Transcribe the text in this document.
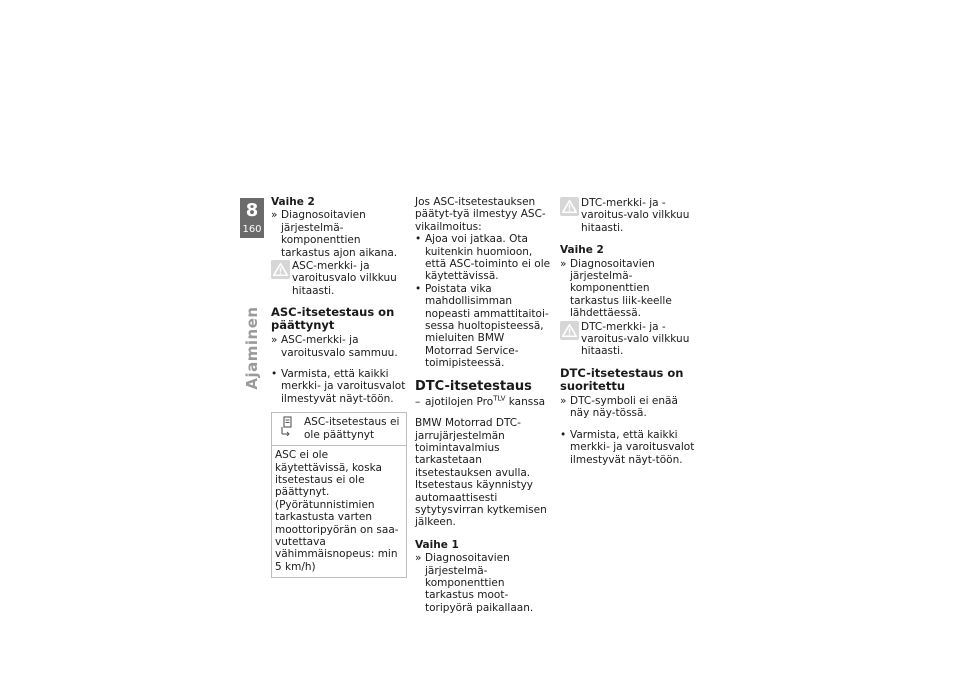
8
160
Ajaminen
Vaihe 2
» Diagnosoitavien järjestelmä-komponenttien tarkastus ajon aikana.
ASC-merkki- ja varoitusvalo vilkkuu hitaasti.
ASC-itsetestaus on päättynyt
» ASC-merkki- ja varoitusvalo sammuu.
• Varmista, että kaikki merkki- ja varoitusvalot ilmestyvät näyt-töön.
ASC-itsetestaus ei ole päättynyt
ASC ei ole käytettävissä, koska itsetestaus ei ole päättynyt. (Pyörätunnistimien tarkastusta varten moottoripyörän on saa-vutettava vähimmäisnopeus: min 5 km/h)

Jos ASC-itsetestauksen päätyt-tyä ilmestyy ASC-vikailmoitus:

• Ajoa voi jatkaa. Ota kuitenkin huomioon, että ASC-toiminto ei ole käytettävissä.
• Poistata vika mahdollisimman nopeasti ammattitaitoi-sessa huoltopisteessä, mieluiten BMW Motorrad Service-toimipisteessä.
DTC-itsetestaus
– ajotilojen Pro$^{TLV}$ kanssa

BMW Motorrad DTC-jarrujärjestelmän toimintavalmius tarkastetaan itsetestauksen avulla. Itsetestaus käynnistyy automaattisesti sytytysvirran kytkemisen jälkeen.

Vaihe 1
» Diagnosoitavien järjestelmä-komponenttien tarkastus moot-toripyörä paikallaan.
DTC-merkki- ja -varoitus-valo vilkkuu hitaasti.
Vaihe 2
» Diagnosoitavien järjestelmä-komponenttien tarkastus liik-keelle lähdettäessä.
DTC-merkki- ja -varoitus-valo vilkkuu hitaasti.
DTC-itsetestaus on suoritettu
» DTC-symboli ei enää näy näy-tössä.
• Varmista, että kaikki merkki- ja varoitusvalot ilmestyvät näyt-töön.
